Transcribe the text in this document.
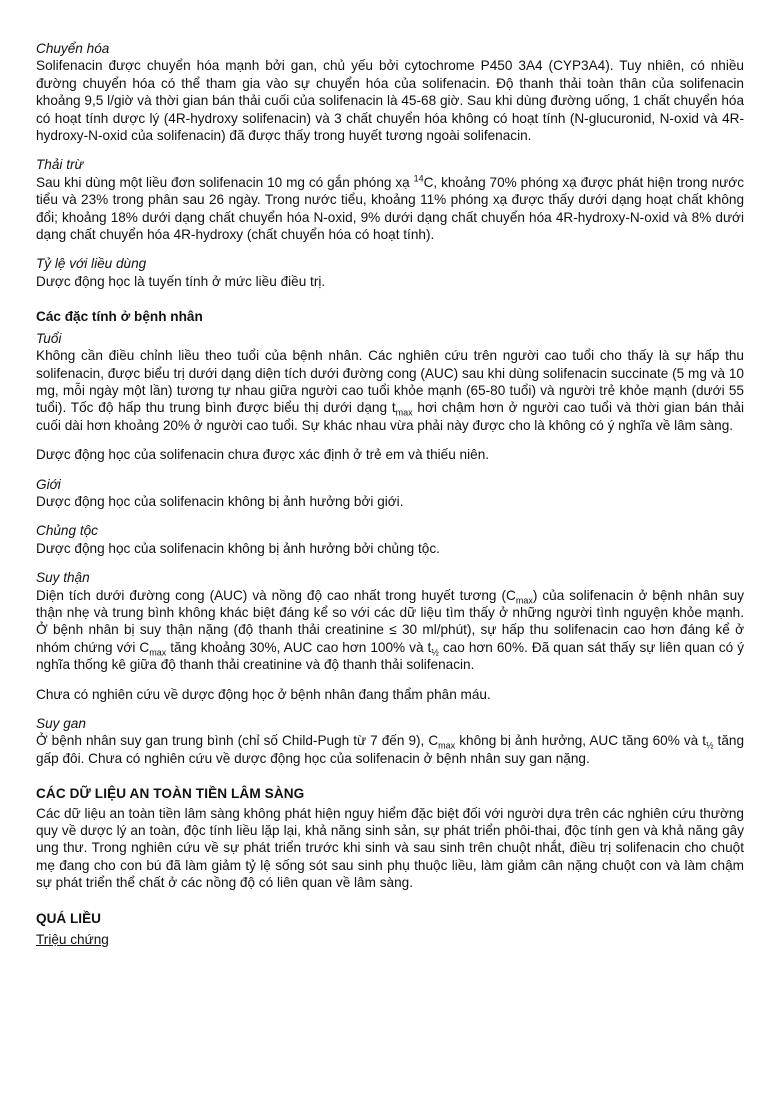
Chuyển hóa

Solifenacin được chuyển hóa mạnh bởi gan, chủ yếu bởi cytochrome P450 3A4 (CYP3A4). Tuy nhiên, có nhiều đường chuyển hóa có thể tham gia vào sự chuyển hóa của solifenacin. Độ thanh thải toàn thân của solifenacin khoảng 9,5 l/giờ và thời gian bán thải cuối của solifenacin là 45-68 giờ. Sau khi dùng đường uống, 1 chất chuyển hóa có hoạt tính dược lý (4R-hydroxy solifenacin) và 3 chất chuyển hóa không có hoạt tính (N-glucuronid, N-oxid và 4R-hydroxy-N-oxid của solifenacin) đã được thấy trong huyết tương ngoài solifenacin.

Thải trừ

Sau khi dùng một liều đơn solifenacin 10 mg có gắn phóng xạ $^{14}$C, khoảng 70% phóng xạ được phát hiện trong nước tiểu và 23% trong phân sau 26 ngày. Trong nước tiểu, khoảng 11% phóng xạ được thấy dưới dạng hoạt chất không đổi; khoảng 18% dưới dạng chất chuyển hóa N-oxid, 9% dưới dạng chất chuyển hóa 4R-hydroxy-N-oxid và 8% dưới dạng chất chuyển hóa 4R-hydroxy (chất chuyển hóa có hoạt tính).

Tỷ lệ với liều dùng

Dược động học là tuyến tính ở mức liều điều trị.

Các đặc tính ở bệnh nhân

Tuổi

Không cần điều chỉnh liều theo tuổi của bệnh nhân. Các nghiên cứu trên người cao tuổi cho thấy là sự hấp thu solifenacin, được biểu trị dưới dạng diện tích dưới đường cong (AUC) sau khi dùng solifenacin succinate (5 mg và 10 mg, mỗi ngày một lần) tương tự nhau giữa người cao tuổi khỏe mạnh (65-80 tuổi) và người trẻ khỏe mạnh (dưới 55 tuổi). Tốc độ hấp thu trung bình được biểu thị dưới dạng $t_{max}$ hơi chậm hơn ở người cao tuổi và thời gian bán thải cuối dài hơn khoảng 20% ở người cao tuổi. Sự khác nhau vừa phải này được cho là không có ý nghĩa về lâm sàng.

Dược động học của solifenacin chưa được xác định ở trẻ em và thiếu niên.

Giới

Dược động học của solifenacin không bị ảnh hưởng bởi giới.

Chủng tộc

Dược động học của solifenacin không bị ảnh hưởng bởi chủng tộc.

Suy thận

Diện tích dưới đường cong (AUC) và nồng độ cao nhất trong huyết tương $(C_{max})$ của solifenacin ở bệnh nhân suy thận nhẹ và trung bình không khác biệt đáng kể so với các dữ liệu tìm thấy ở những người tình nguyện khỏe mạnh. Ở bệnh nhân bị suy thận nặng (độ thanh thải creatinine ≤ 30 ml/phút), sự hấp thu solifenacin cao hơn đáng kể ở nhóm chứng với $C_{max}$ tăng khoảng 30%, AUC cao hơn 100% và $t_{\frac{1}{2}}$ cao hơn 60%. Đã quan sát thấy sự liên quan có ý nghĩa thống kê giữa độ thanh thải creatinine và độ thanh thải solifenacin.

Chưa có nghiên cứu về dược động học ở bệnh nhân đang thẩm phân máu.

Suy gan

Ở bệnh nhân suy gan trung bình (chỉ số Child-Pugh từ 7 đến 9), $C_{max}$ không bị ảnh hưởng, AUC tăng 60% và $t_{\frac{1}{2}}$ tăng gấp đôi. Chưa có nghiên cứu về dược động học của solifenacin ở bệnh nhân suy gan nặng.

CÁC DỮ LIỆU AN TOÀN TIỀN LÂM SÀNG

Các dữ liệu an toàn tiền lâm sàng không phát hiện nguy hiểm đặc biệt đối với người dựa trên các nghiên cứu thường quy về dược lý an toàn, độc tính liều lặp lại, khả năng sinh sản, sự phát triển phôi-thai, độc tính gen và khả năng gây ung thư. Trong nghiên cứu về sự phát triển trước khi sinh và sau sinh trên chuột nhắt, điều trị solifenacin cho chuột mẹ đang cho con bú đã làm giảm tỷ lệ sống sót sau sinh phụ thuộc liều, làm giảm cân nặng chuột con và làm chậm sự phát triển thể chất ở các nồng độ có liên quan về lâm sàng.

QUÁ LIỀU

Triệu chứng
